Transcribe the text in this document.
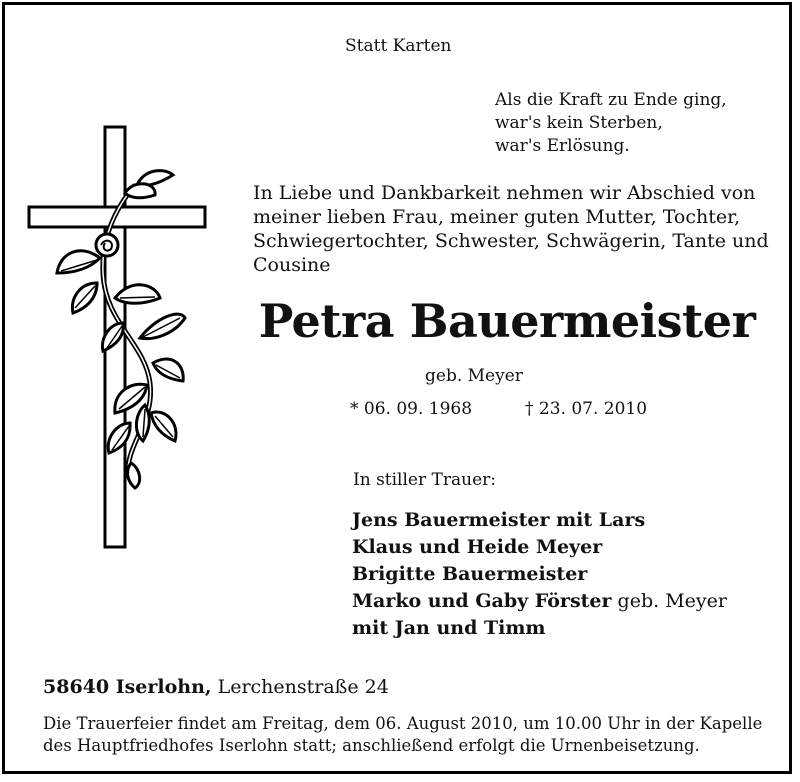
Statt Karten
Als die Kraft zu Ende ging,
war's kein Sterben,
war's Erlösung.
In Liebe und Dankbarkeit nehmen wir Abschied von
meiner lieben Frau, meiner guten Mutter, Tochter,
Schwiegertochter, Schwester, Schwägerin, Tante und
Cousine
Petra Bauermeister
geb. Meyer
* 06. 09. 1968	† 23. 07. 2010
In stiller Trauer:
Jens Bauermeister mit Lars
Klaus und Heide Meyer
Brigitte Bauermeister
Marko und Gaby Förster geb. Meyer
mit Jan und Timm
58640 Iserlohn, Lerchenstraße 24
Die Trauerfeier findet am Freitag, dem 06. August 2010, um 10.00 Uhr in der Kapelle
des Hauptfriedhofes Iserlohn statt; anschließend erfolgt die Urnenbeisetzung.
